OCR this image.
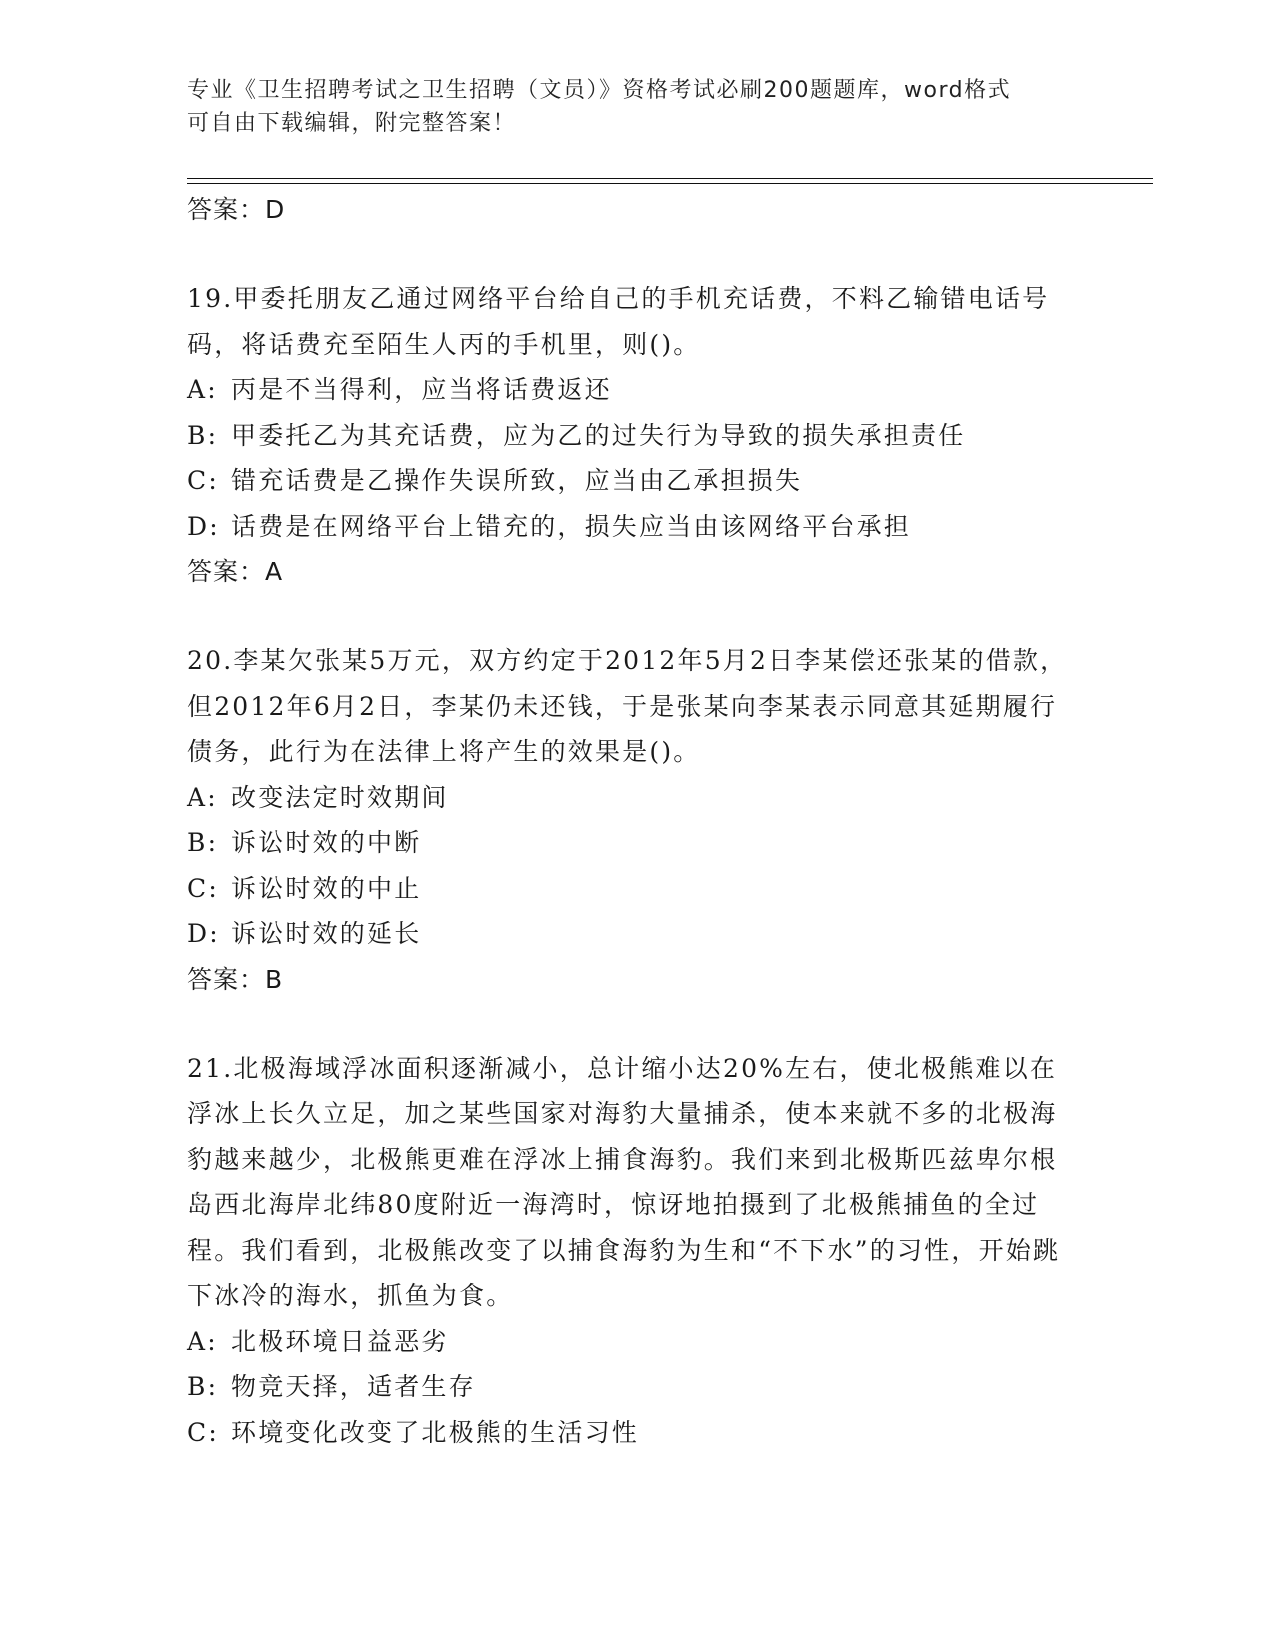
专业《卫生招聘考试之卫生招聘（文员）》资格考试必刷200题题库，word格式
可自由下载编辑，附完整答案！
答案：D
19.甲委托朋友乙通过网络平台给自己的手机充话费，不料乙输错电话号码，将话费充至陌生人丙的手机里，则()。
A: 丙是不当得利，应当将话费返还
B: 甲委托乙为其充话费，应为乙的过失行为导致的损失承担责任
C: 错充话费是乙操作失误所致，应当由乙承担损失
D: 话费是在网络平台上错充的，损失应当由该网络平台承担
答案：A
20.李某欠张某5万元，双方约定于2012年5月2日李某偿还张某的借款，但2012年6月2日，李某仍未还钱，于是张某向李某表示同意其延期履行债务，此行为在法律上将产生的效果是()。
A: 改变法定时效期间
B: 诉讼时效的中断
C: 诉讼时效的中止
D: 诉讼时效的延长
答案：B
21.北极海域浮冰面积逐渐减小，总计缩小达20%左右，使北极熊难以在浮冰上长久立足，加之某些国家对海豹大量捕杀，使本来就不多的北极海豹越来越少，北极熊更难在浮冰上捕食海豹。我们来到北极斯匹兹卑尔根岛西北海岸北纬80度附近一海湾时，惊讶地拍摄到了北极熊捕鱼的全过程。我们看到，北极熊改变了以捕食海豹为生和“不下水”的习性，开始跳下冰冷的海水，抓鱼为食。
A: 北极环境日益恶劣
B: 物竞天择，适者生存
C: 环境变化改变了北极熊的生活习性
